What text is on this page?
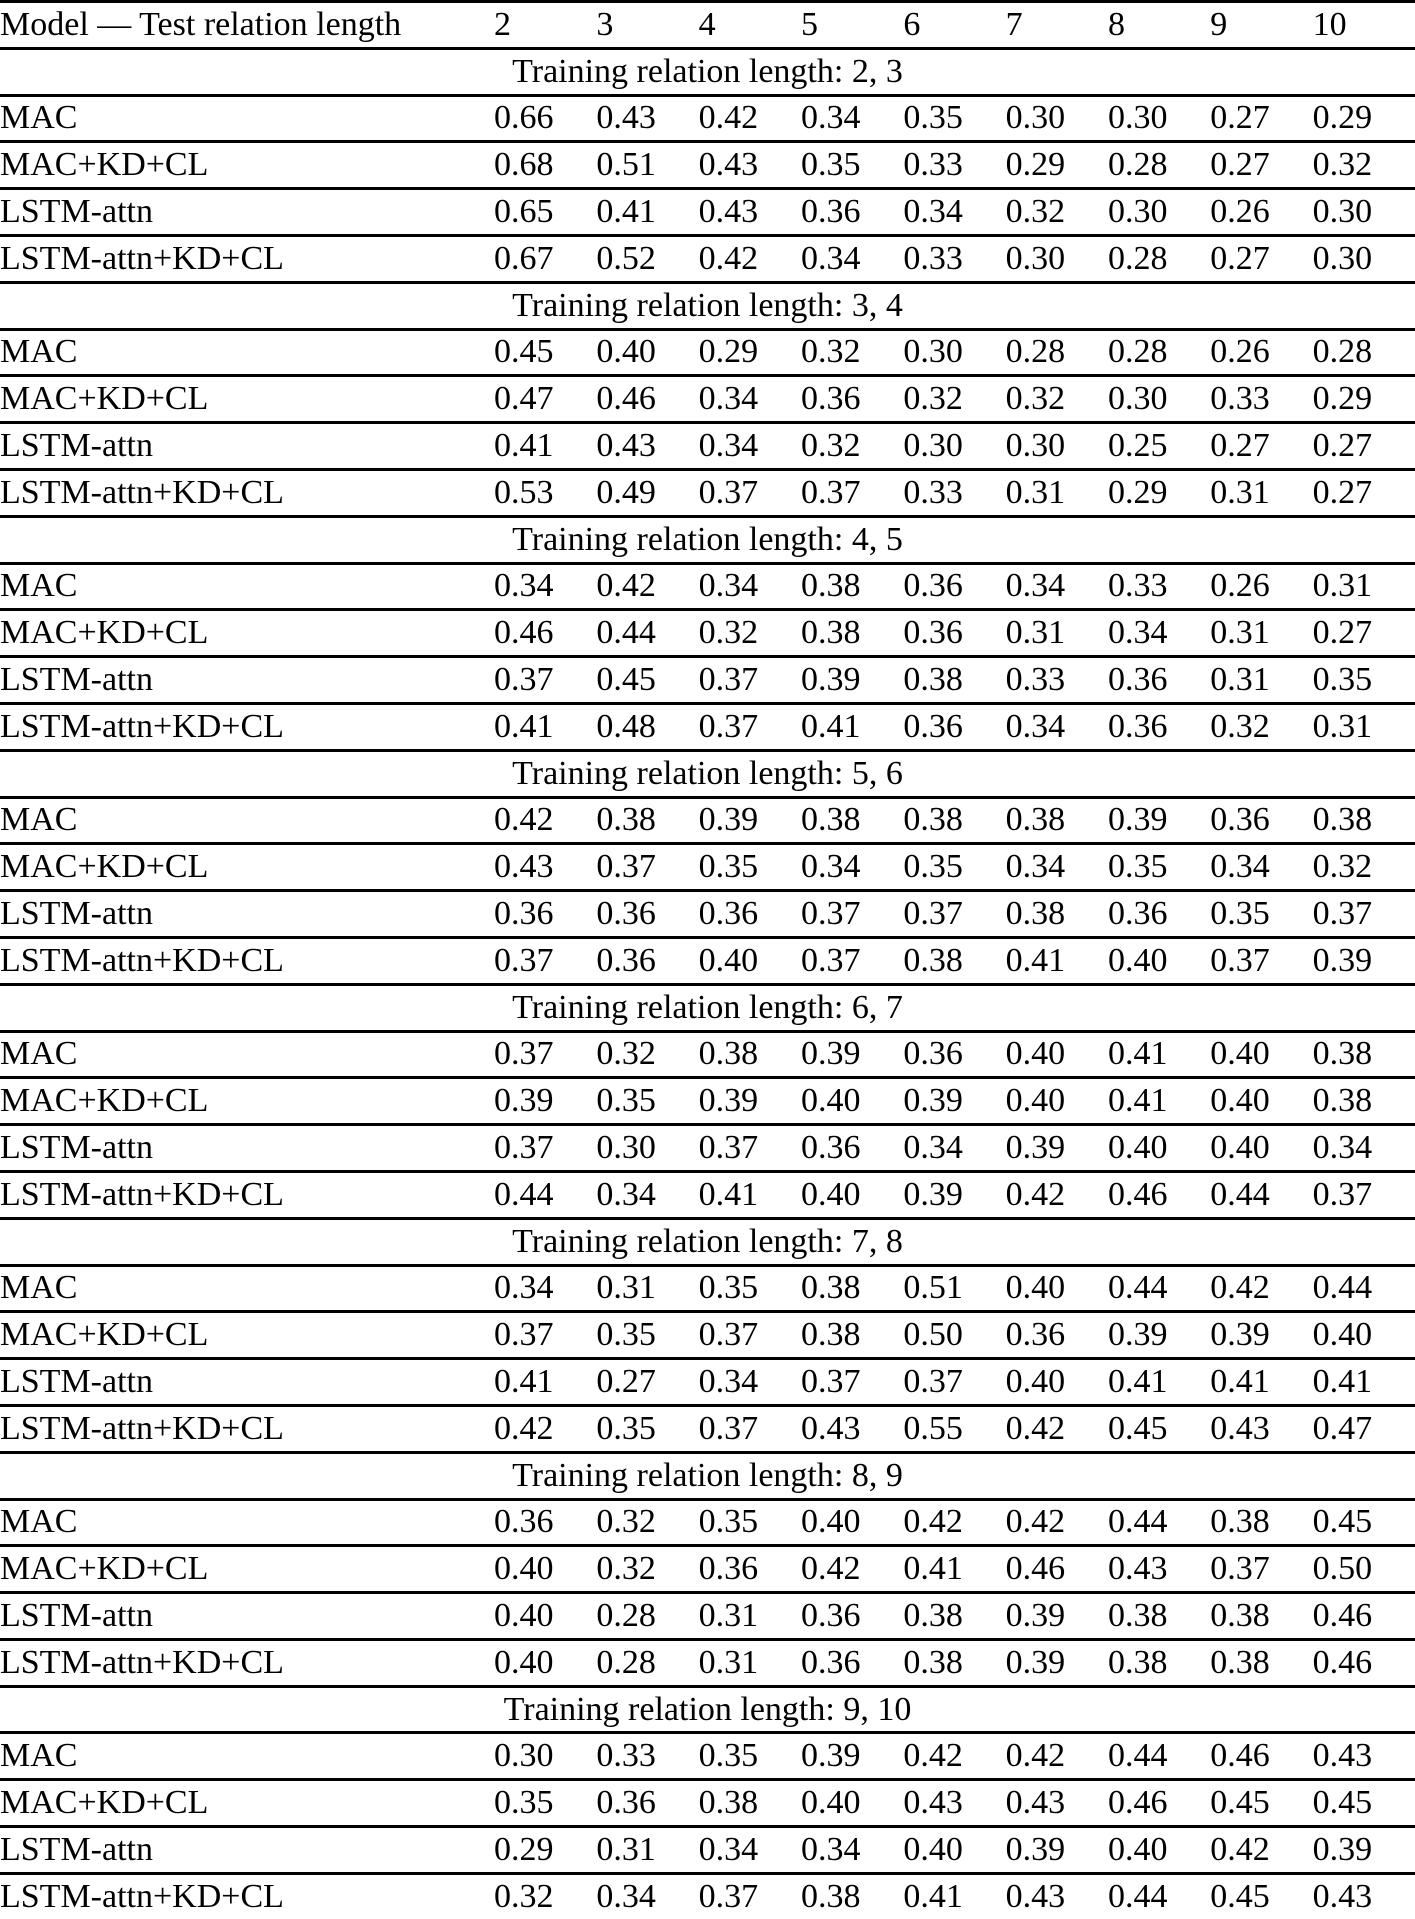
Model — Test relation length	2	3	4	5	6	7	8	9	10
Training relation length: 2, 3									
MAC	0.66	0.43	0.42	0.34	0.35	0.30	0.30	0.27	0.29
MAC+KD+CL	0.68	0.51	0.43	0.35	0.33	0.29	0.28	0.27	0.32
LSTM-attn	0.65	0.41	0.43	0.36	0.34	0.32	0.30	0.26	0.30
LSTM-attn+KD+CL	0.67	0.52	0.42	0.34	0.33	0.30	0.28	0.27	0.30
Training relation length: 3, 4									
MAC	0.45	0.40	0.29	0.32	0.30	0.28	0.28	0.26	0.28
MAC+KD+CL	0.47	0.46	0.34	0.36	0.32	0.32	0.30	0.33	0.29
LSTM-attn	0.41	0.43	0.34	0.32	0.30	0.30	0.25	0.27	0.27
LSTM-attn+KD+CL	0.53	0.49	0.37	0.37	0.33	0.31	0.29	0.31	0.27
Training relation length: 4, 5									
MAC	0.34	0.42	0.34	0.38	0.36	0.34	0.33	0.26	0.31
MAC+KD+CL	0.46	0.44	0.32	0.38	0.36	0.31	0.34	0.31	0.27
LSTM-attn	0.37	0.45	0.37	0.39	0.38	0.33	0.36	0.31	0.35
LSTM-attn+KD+CL	0.41	0.48	0.37	0.41	0.36	0.34	0.36	0.32	0.31
Training relation length: 5, 6									
MAC	0.42	0.38	0.39	0.38	0.38	0.38	0.39	0.36	0.38
MAC+KD+CL	0.43	0.37	0.35	0.34	0.35	0.34	0.35	0.34	0.32
LSTM-attn	0.36	0.36	0.36	0.37	0.37	0.38	0.36	0.35	0.37
LSTM-attn+KD+CL	0.37	0.36	0.40	0.37	0.38	0.41	0.40	0.37	0.39
Training relation length: 6, 7									
MAC	0.37	0.32	0.38	0.39	0.36	0.40	0.41	0.40	0.38
MAC+KD+CL	0.39	0.35	0.39	0.40	0.39	0.40	0.41	0.40	0.38
LSTM-attn	0.37	0.30	0.37	0.36	0.34	0.39	0.40	0.40	0.34
LSTM-attn+KD+CL	0.44	0.34	0.41	0.40	0.39	0.42	0.46	0.44	0.37
Training relation length: 7, 8									
MAC	0.34	0.31	0.35	0.38	0.51	0.40	0.44	0.42	0.44
MAC+KD+CL	0.37	0.35	0.37	0.38	0.50	0.36	0.39	0.39	0.40
LSTM-attn	0.41	0.27	0.34	0.37	0.37	0.40	0.41	0.41	0.41
LSTM-attn+KD+CL	0.42	0.35	0.37	0.43	0.55	0.42	0.45	0.43	0.47
Training relation length: 8, 9									
MAC	0.36	0.32	0.35	0.40	0.42	0.42	0.44	0.38	0.45
MAC+KD+CL	0.40	0.32	0.36	0.42	0.41	0.46	0.43	0.37	0.50
LSTM-attn	0.40	0.28	0.31	0.36	0.38	0.39	0.38	0.38	0.46
LSTM-attn+KD+CL	0.40	0.28	0.31	0.36	0.38	0.39	0.38	0.38	0.46
Training relation length: 9, 10									
MAC	0.30	0.33	0.35	0.39	0.42	0.42	0.44	0.46	0.43
MAC+KD+CL	0.35	0.36	0.38	0.40	0.43	0.43	0.46	0.45	0.45
LSTM-attn	0.29	0.31	0.34	0.34	0.40	0.39	0.40	0.42	0.39
LSTM-attn+KD+CL	0.32	0.34	0.37	0.38	0.41	0.43	0.44	0.45	0.43
